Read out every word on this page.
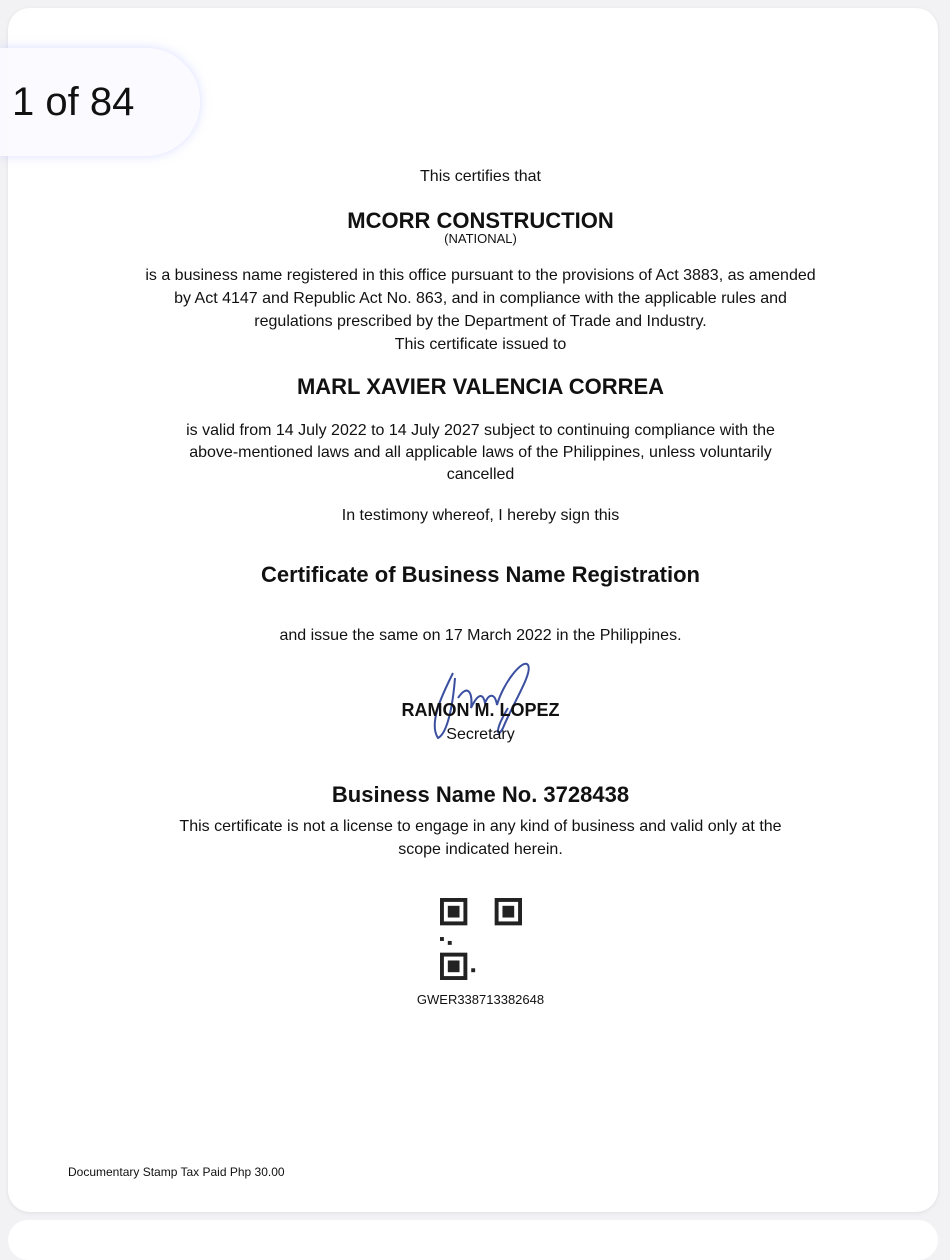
This certifies that
MCORR CONSTRUCTION
(NATIONAL)
is a business name registered in this office pursuant to the provisions of Act 3883, as amended
by Act 4147 and Republic Act No. 863, and in compliance with the applicable rules and
regulations prescribed by the Department of Trade and Industry.
This certificate issued to
MARL XAVIER VALENCIA CORREA
is valid from 14 July 2022 to 14 July 2027 subject to continuing compliance with the
above-mentioned laws and all applicable laws of the Philippines, unless voluntarily
cancelled
In testimony whereof, I hereby sign this
Certificate of Business Name Registration
and issue the same on 17 March 2022 in the Philippines.
RAMON M. LOPEZ
Secretary
Business Name No. 3728438
This certificate is not a license to engage in any kind of business and valid only at the
scope indicated herein.
GWER338713382648
Documentary Stamp Tax Paid Php 30.00
1 of 84
